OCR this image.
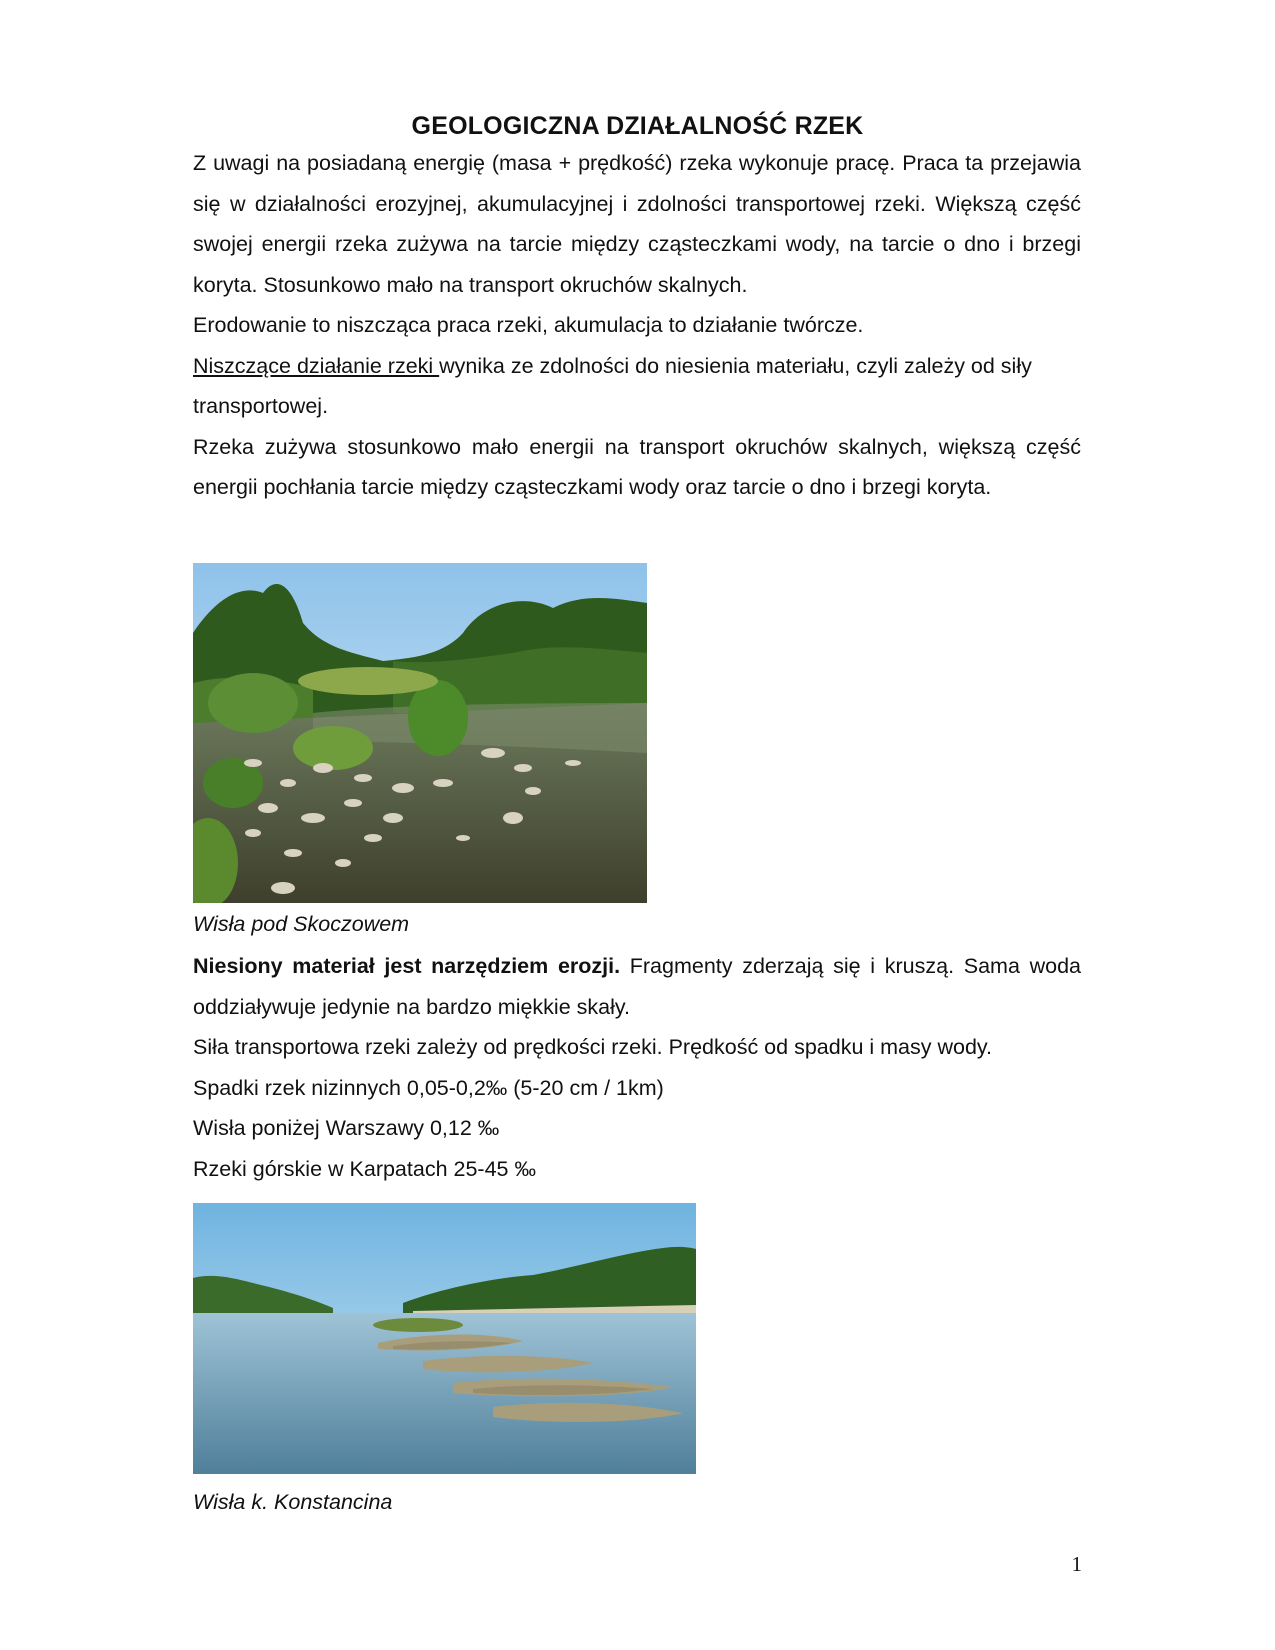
GEOLOGICZNA DZIAŁALNOŚĆ RZEK

Z uwagi na posiadaną energię (masa + prędkość) rzeka wykonuje pracę. Praca ta przejawia się w działalności erozyjnej, akumulacyjnej i zdolności transportowej rzeki. Większą część swojej energii rzeka zużywa na tarcie między cząsteczkami wody, na tarcie o dno i brzegi koryta. Stosunkowo mało na transport okruchów skalnych.

Erodowanie to niszcząca praca rzeki, akumulacja to działanie twórcze.

Niszczące działanie rzeki wynika ze zdolności do niesienia materiału, czyli zależy od siły transportowej.

Rzeka zużywa stosunkowo mało energii na transport okruchów skalnych, większą część energii pochłania tarcie między cząsteczkami wody oraz tarcie o dno i brzegi koryta.

Wisła pod Skoczowem

Niesiony materiał jest narzędziem erozji. Fragmenty zderzają się i kruszą. Sama woda oddziaływuje jedynie na bardzo miękkie skały.

Siła transportowa rzeki zależy od prędkości rzeki. Prędkość od spadku i masy wody.

Spadki rzek nizinnych 0,05-0,2‰ (5-20 cm / 1km)

Wisła poniżej Warszawy 0,12 ‰

Rzeki górskie w Karpatach 25-45 ‰

Wisła k. Konstancina
1
